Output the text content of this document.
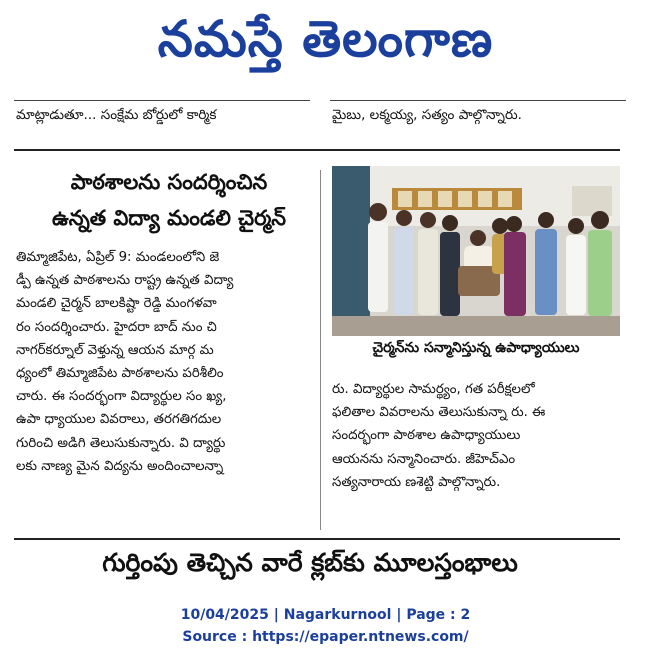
నమస్తే తెలంగాణ
మాట్లాడుతూ... సంక్షేమ బోర్డులో కార్మిక	మైబు, లక్మయ్య, సత్యం పాల్గొన్నారు.
పాఠశాలను సందర్శించిన
ఉన్నత విద్యా మండలి చైర్మన్
తిమ్మాజిపేట, ఏప్రిల్ 9: మండలంలోని జె
డ్పీ ఉన్నత పాఠశాలను రాష్ట్ర ఉన్నత విద్యా
మండలి చైర్మన్ బాలకిష్టా రెడ్డి మంగళవా
రం సందర్శించారు. హైదరా బాద్ నుం చి
నాగర్‌కర్నూల్ వెళ్తున్న ఆయన మార్గ మ
ధ్యంలో తిమ్మాజిపేట పాఠశాలను పరిశీలిం
చారు. ఈ సందర్భంగా విద్యార్థుల సం ఖ్య,
ఉపా ధ్యాయుల వివరాలు, తరగతిగదుల
గురించి అడిగి తెలుసుకున్నారు. వి ద్యార్థు
లకు నాణ్య మైన విద్యను అందించాలన్నా
చైర్మన్‌ను సన్మానిస్తున్న ఉపాధ్యాయులు
రు. విద్యార్థుల సామర్థ్యం, గత పరీక్షలలో
ఫలితాల వివరాలను తెలుసుకున్నా రు. ఈ
సందర్భంగా పాఠశాల ఉపాధ్యాయులు
ఆయనను సన్మానించారు. జీహెచ్ఎం
సత్యనారాయ ణశెట్టి పాల్గొన్నారు.
గుర్తింపు తెచ్చిన వారే క్లబ్‌కు మూలస్తంభాలు
10/04/2025 | Nagarkurnool | Page : 2
Source : https://epaper.ntnews.com/
